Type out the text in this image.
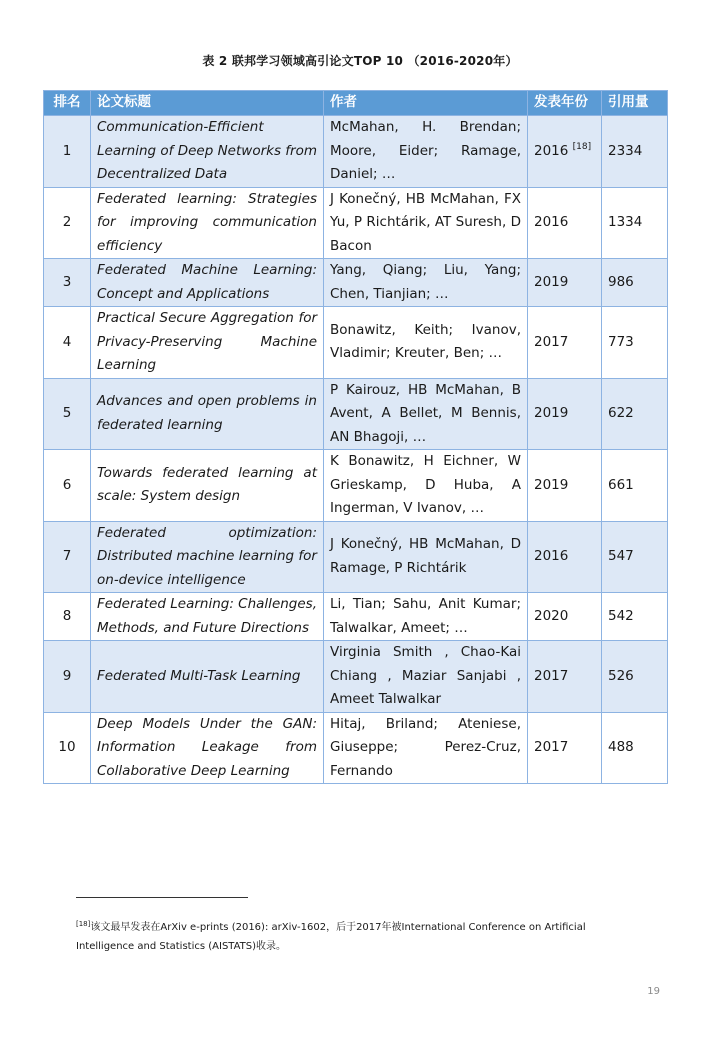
表 2 联邦学习领域高引论文TOP 10 （2016-2020年）
排名	论文标题	作者	发表年份	引用量
1	Communication-Efficient Learning of Deep Networks from Decentralized Data	McMahan, H. Brendan; Moore, Eider; Ramage, Daniel; …	2016 [18]	2334
2	Federated learning: Strategies for improving communication efficiency	J Konečný, HB McMahan, FX Yu, P Richtárik, AT Suresh, D Bacon	2016	1334
3	Federated Machine Learning: Concept and Applications	Yang, Qiang; Liu, Yang; Chen, Tianjian; …	2019	986
4	Practical Secure Aggregation for Privacy-Preserving Machine Learning	Bonawitz, Keith; Ivanov, Vladimir; Kreuter, Ben; …	2017	773
5	Advances and open problems in federated learning	P Kairouz, HB McMahan, B Avent, A Bellet, M Bennis, AN Bhagoji, …	2019	622
6	Towards federated learning at scale: System design	K Bonawitz, H Eichner, W Grieskamp, D Huba, A Ingerman, V Ivanov, …	2019	661
7	Federated optimization: Distributed machine learning for on-device intelligence	J Konečný, HB McMahan, D Ramage, P Richtárik	2016	547
8	Federated Learning: Challenges, Methods, and Future Directions	Li, Tian; Sahu, Anit Kumar; Talwalkar, Ameet; …	2020	542
9	Federated Multi-Task Learning	Virginia Smith , Chao-Kai Chiang , Maziar Sanjabi , Ameet Talwalkar	2017	526
10	Deep Models Under the GAN: Information Leakage from Collaborative Deep Learning	Hitaj, Briland; Ateniese, Giuseppe; Perez-Cruz, Fernando	2017	488
[18]该文最早发表在ArXiv e-prints (2016): arXiv-1602，后于2017年被International Conference on Artificial
Intelligence and Statistics (AISTATS)收录。
19
